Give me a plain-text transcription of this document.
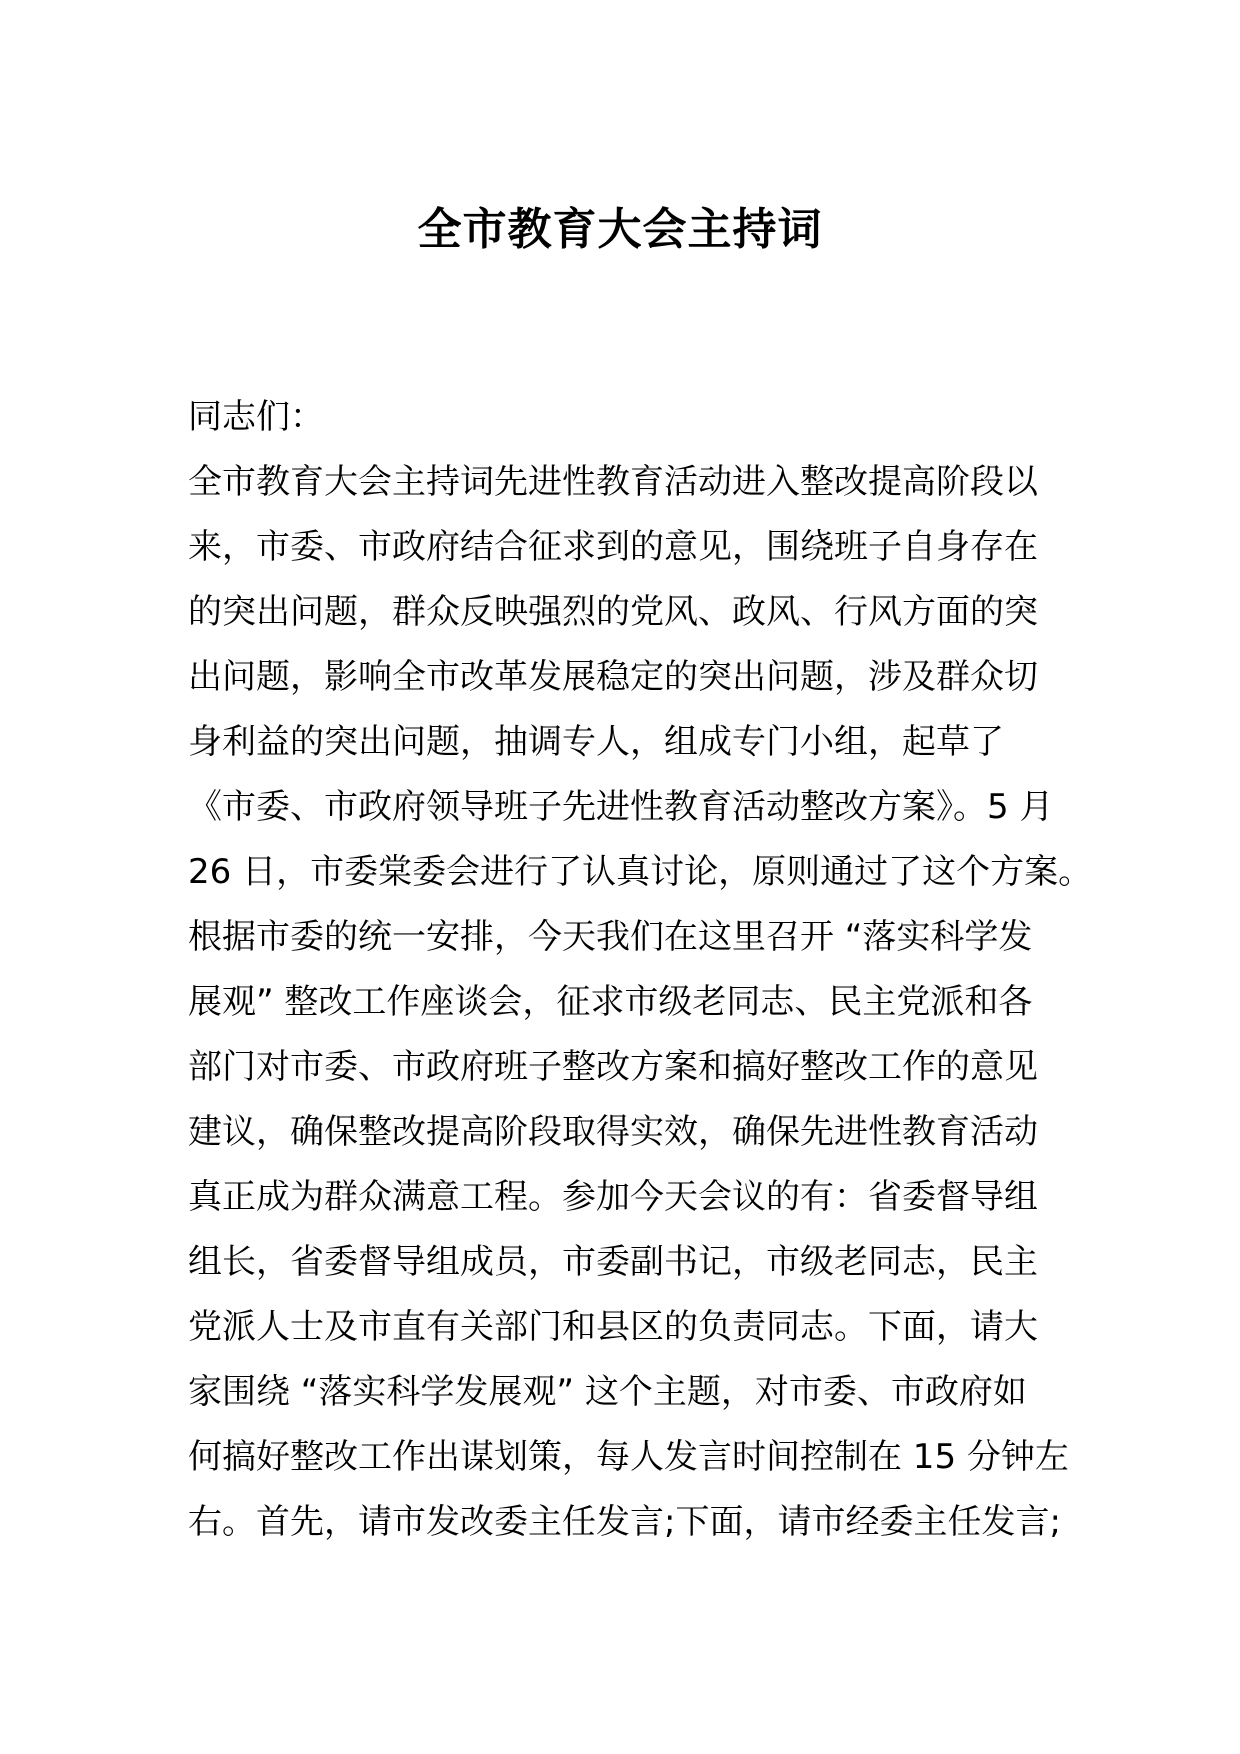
全市教育大会主持词
同志们：
全市教育大会主持词先进性教育活动进入整改提高阶段以
来，市委、市政府结合征求到的意见，围绕班子自身存在
的突出问题，群众反映强烈的党风、政风、行风方面的突
出问题，影响全市改革发展稳定的突出问题，涉及群众切
身利益的突出问题，抽调专人，组成专门小组，起草了
《市委、市政府领导班子先进性教育活动整改方案》。5 月
26 日，市委棠委会进行了认真讨论，原则通过了这个方案。
根据市委的统一安排，今天我们在这里召开 “落实科学发
展观” 整改工作座谈会，征求市级老同志、民主党派和各
部门对市委、市政府班子整改方案和搞好整改工作的意见
建议，确保整改提高阶段取得实效，确保先进性教育活动
真正成为群众满意工程。参加今天会议的有：省委督导组
组长，省委督导组成员，市委副书记，市级老同志，民主
党派人士及市直有关部门和县区的负责同志。下面，请大
家围绕 “落实科学发展观” 这个主题，对市委、市政府如
何搞好整改工作出谋划策，每人发言时间控制在 15 分钟左
右。首先，请市发改委主任发言;下面，请市经委主任发言;
